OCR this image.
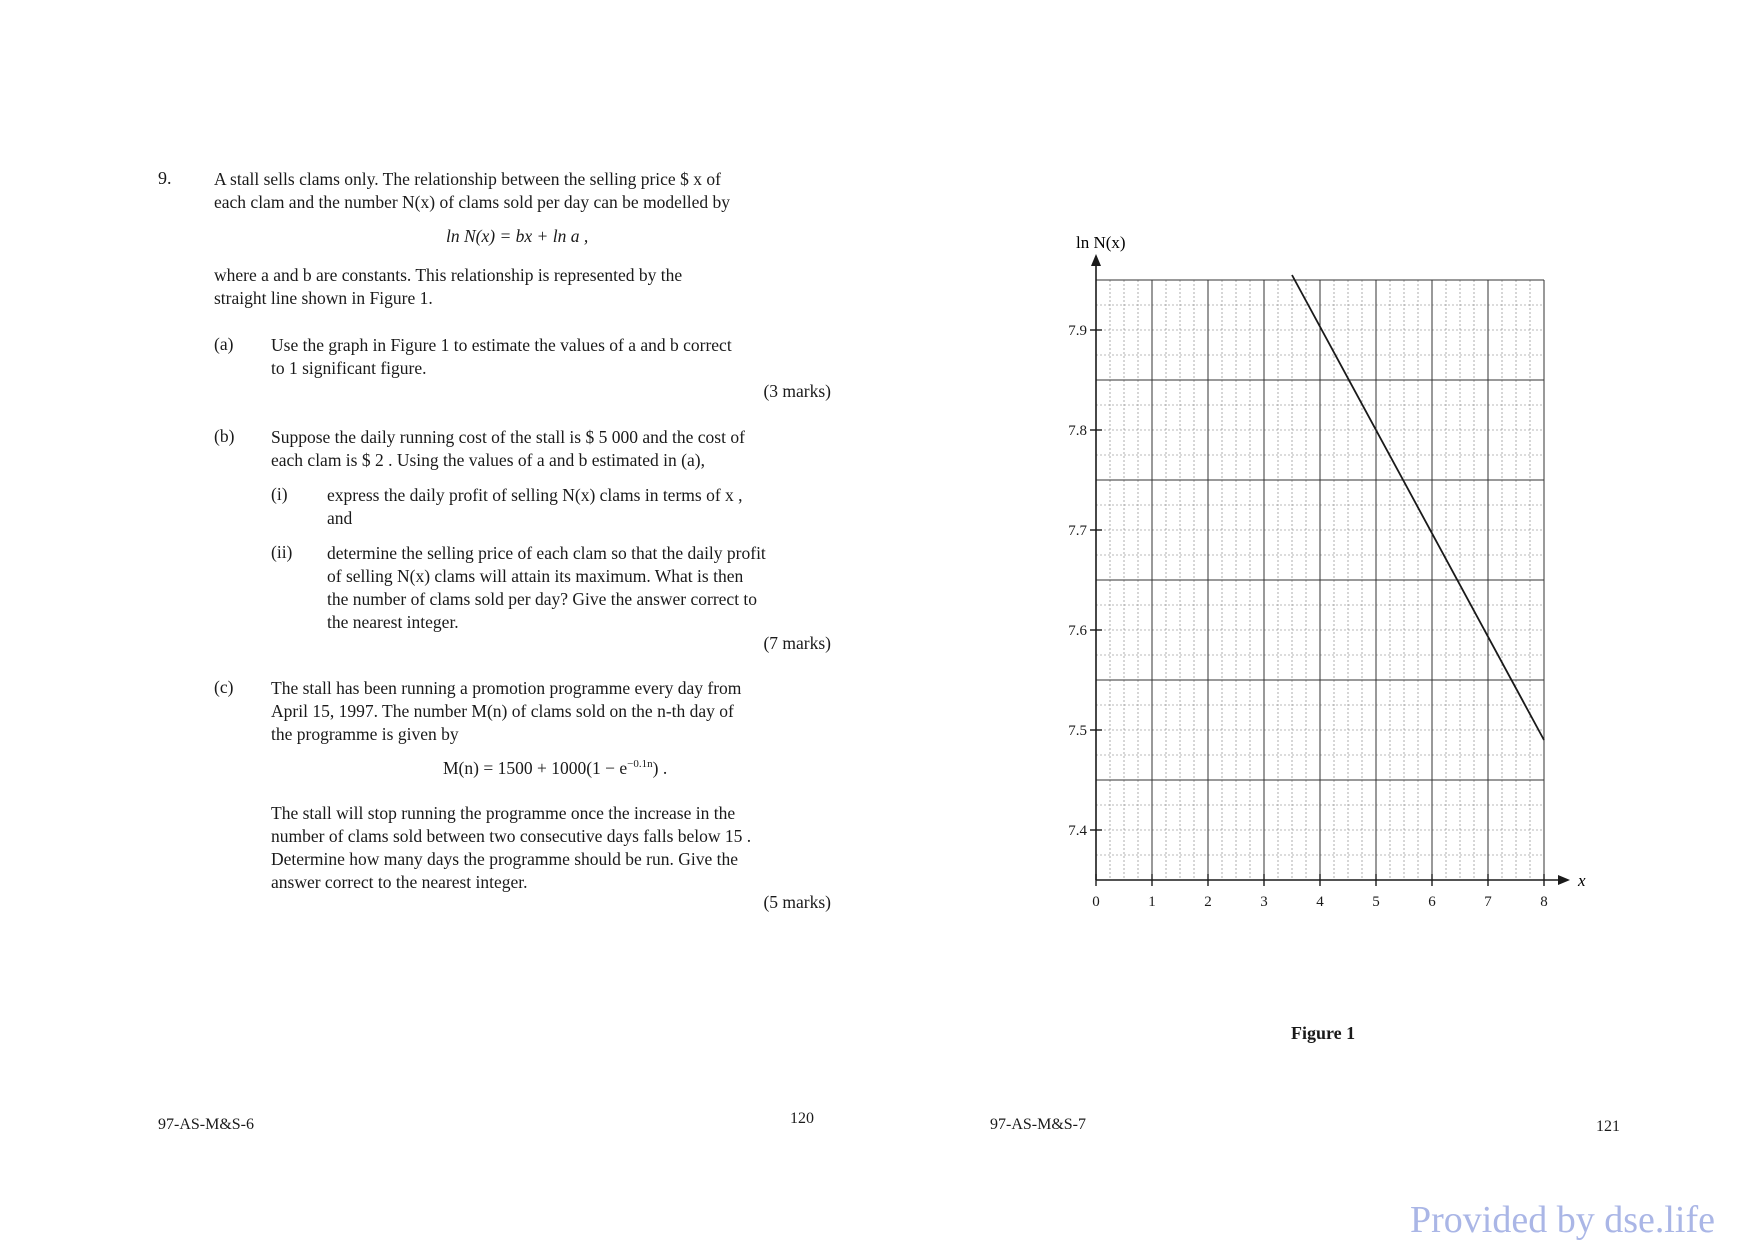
9. A stall sells clams only. The relationship between the selling price $ x of
each clam and the number N(x) of clams sold per day can be modelled by
ln N(x) = bx + ln a ,
where a and b are constants. This relationship is represented by the
straight line shown in Figure 1.
(a) Use the graph in Figure 1 to estimate the values of a and b correct
to 1 significant figure.
(3 marks)
(b) Suppose the daily running cost of the stall is $ 5 000 and the cost of
each clam is $ 2 . Using the values of a and b estimated in (a),
(i) express the daily profit of selling N(x) clams in terms of x ,
and
(ii) determine the selling price of each clam so that the daily profit
of selling N(x) clams will attain its maximum. What is then
the number of clams sold per day? Give the answer correct to
the nearest integer.
(7 marks)
(c) The stall has been running a promotion programme every day from
April 15, 1997. The number M(n) of clams sold on the n-th day of
the programme is given by
$M(n) = 1500 + 1000(1 - e^{-0.1n})$ .
The stall will stop running the programme once the increase in the
number of clams sold between two consecutive days falls below 15 .
Determine how many days the programme should be run. Give the
answer correct to the nearest integer.
(5 marks)
97-AS-M&S-6	120	97-AS-M&S-7	121
0	1	2	3	4	5	6	7	8
7.4
7.5
7.6
7.7
7.8
7.9
ln N(x)
x
Figure 1
Provided by dse.life
